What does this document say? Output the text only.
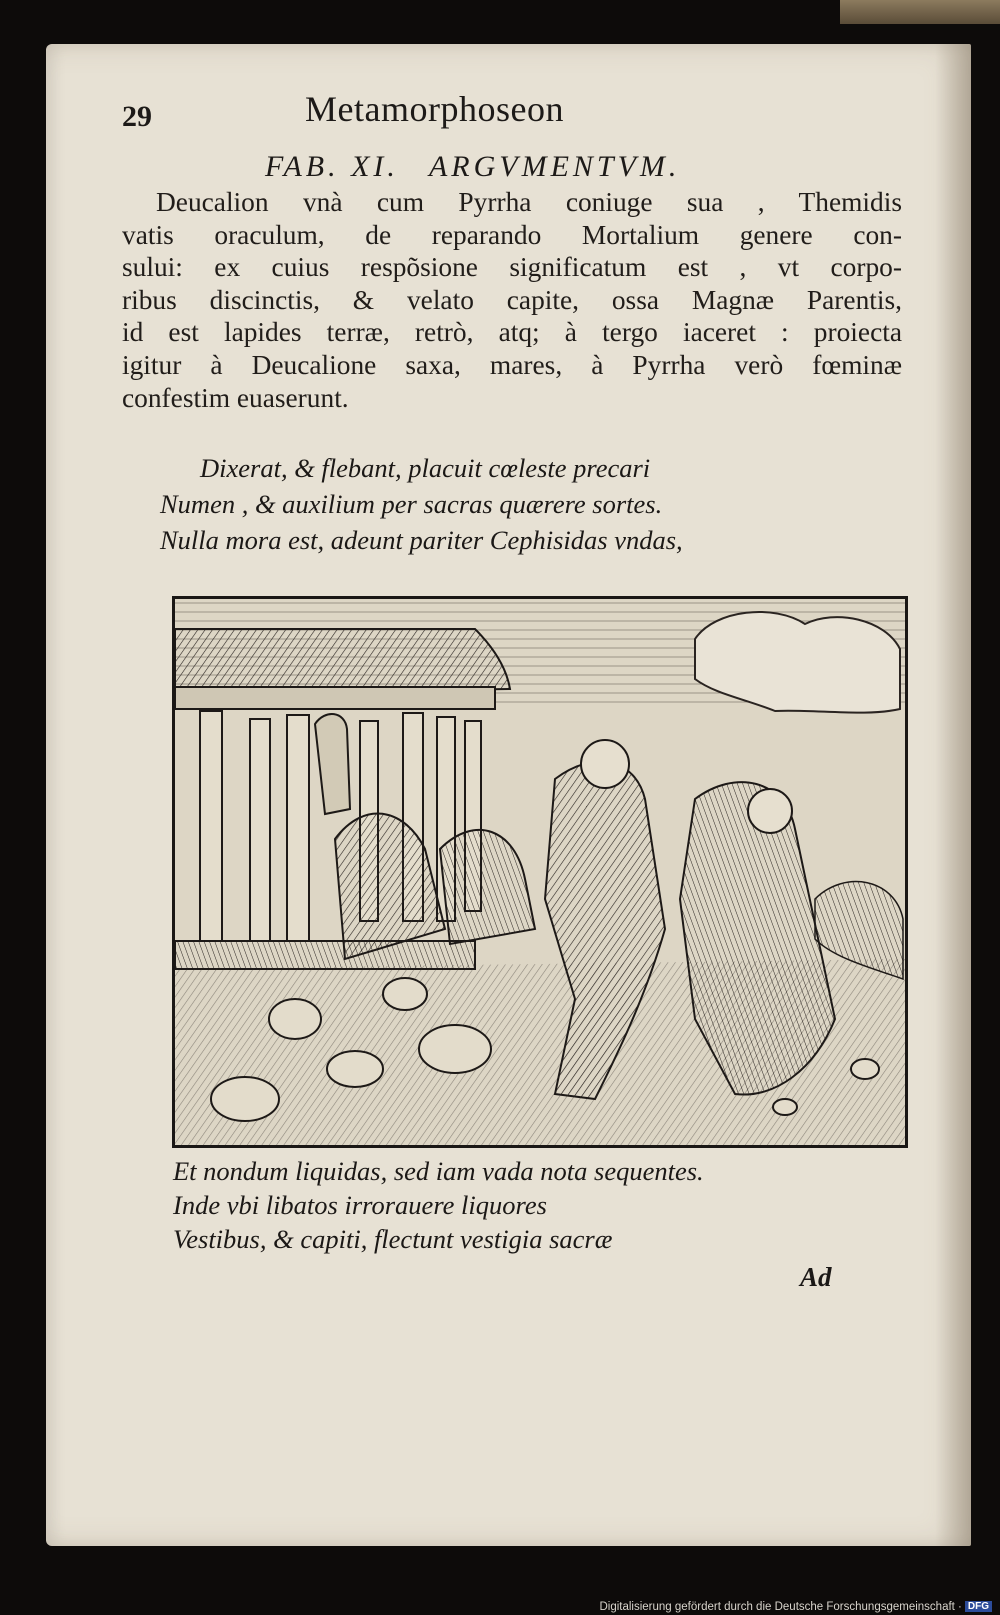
29	Metamorphoseon
FAB. XI. ARGVMENTVM.
Deucalion vnà cum Pyrrha coniuge sua , Themidis
vatis oraculum, de reparando Mortalium genere con-
sului: ex cuius respõsione significatum est , vt corpo-
ribus discinctis, & velato capite, ossa Magnæ Parentis,
id est lapides terræ, retrò, atq; à tergo iaceret : proiecta
igitur à Deucalione saxa, mares, à Pyrrha verò fœminæ
confestim euaserunt.
Dixerat, & flebant, placuit cœleste precari
Numen , & auxilium per sacras quærere sortes.
Nulla mora est, adeunt pariter Cephisidas vndas,
Et nondum liquidas, sed iam vada nota sequentes.
Inde vbi libatos irrorauere liquores
Vestibus, & capiti, flectunt vestigia sacræ
Ad
Digitalisierung gefördert durch die Deutsche Forschungsgemeinschaft · DFG
